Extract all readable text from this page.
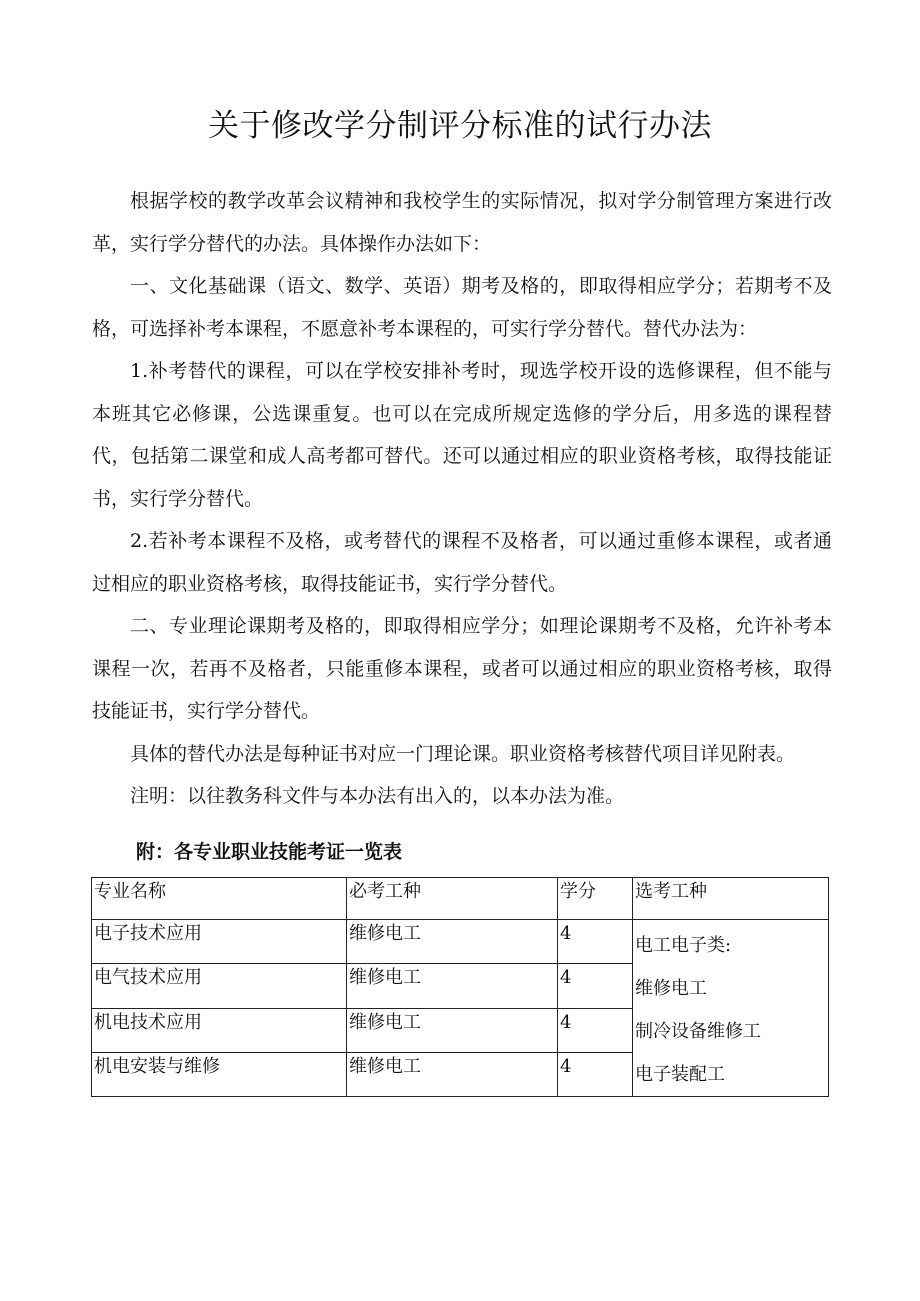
关于修改学分制评分标准的试行办法

根据学校的教学改革会议精神和我校学生的实际情况，拟对学分制管理方案进行改革，实行学分替代的办法。具体操作办法如下：

一、文化基础课（语文、数学、英语）期考及格的，即取得相应学分；若期考不及格，可选择补考本课程，不愿意补考本课程的，可实行学分替代。替代办法为：

1.补考替代的课程，可以在学校安排补考时，现选学校开设的选修课程，但不能与本班其它必修课，公选课重复。也可以在完成所规定选修的学分后，用多选的课程替代，包括第二课堂和成人高考都可替代。还可以通过相应的职业资格考核，取得技能证书，实行学分替代。

2.若补考本课程不及格，或考替代的课程不及格者，可以通过重修本课程，或者通过相应的职业资格考核，取得技能证书，实行学分替代。

二、专业理论课期考及格的，即取得相应学分；如理论课期考不及格，允许补考本课程一次，若再不及格者，只能重修本课程，或者可以通过相应的职业资格考核，取得技能证书，实行学分替代。

具体的替代办法是每种证书对应一门理论课。职业资格考核替代项目详见附表。

注明：以往教务科文件与本办法有出入的，以本办法为准。

附：各专业职业技能考证一览表
专业名称	必考工种	学分	选考工种
电子技术应用	维修电工	4	电工电子类:
维修电工
制冷设备维修工
电子装配工

电气技术应用	维修电工	4	
机电技术应用	维修电工	4	
机电安装与维修	维修电工	4	
